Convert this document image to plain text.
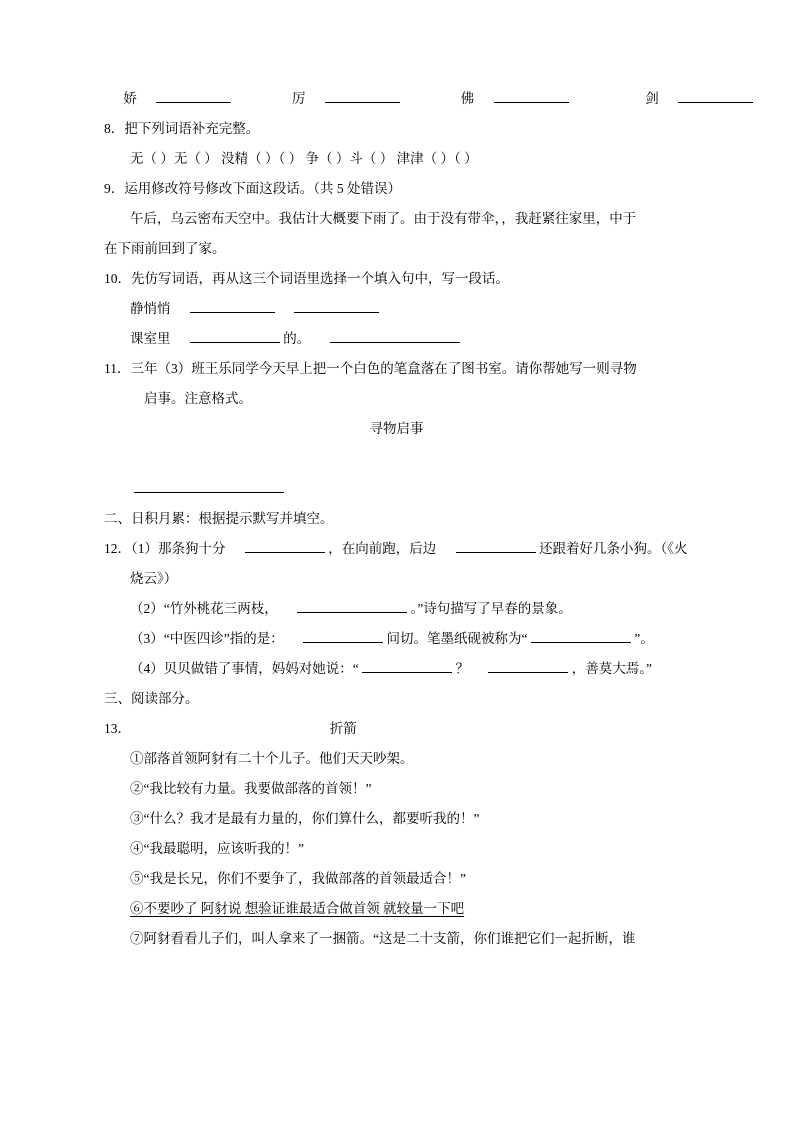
娇	厉	佛	剑
8．把下列词语补充完整。
无（ ）无（ ） 没精（ ）（ ） 争（ ）斗（ ） 津津（ ）（ ）
9．运用修改符号修改下面这段话。（共 5 处错误）
午后，乌云密布天空中。我估计大概要下雨了。由于没有带伞，，我赶紧往家里，中于
在下雨前回到了家。
10．先仿写词语，再从这三个词语里选择一个填入句中，写一段话。
静悄悄
课室里	的。
11．三年（3）班王乐同学今天早上把一个白色的笔盒落在了图书室。请你帮她写一则寻物
启事。注意格式。
寻物启事
二、日积月累：根据提示默写并填空。
12．（1）那条狗十分	，在向前跑，后边	还跟着好几条小狗。（《火
烧云》）
（2）“竹外桃花三两枝，	。”诗句描写了早春的景象。
（3）“中医四诊”指的是：	问切。笔墨纸砚被称为“	”。
（4）贝贝做错了事情，妈妈对她说：“	？	，善莫大焉。”
三、阅读部分。
13．	折箭
①部落首领阿豺有二十个儿子。他们天天吵架。
②“我比较有力量。我要做部落的首领！”
③“什么？我才是最有力量的，你们算什么，都要听我的！”
④“我最聪明，应该听我的！”
⑤“我是长兄，你们不要争了，我做部落的首领最适合！”
⑥不要吵了 阿豺说 想验证谁最适合做首领 就较量一下吧
⑦阿豺看看儿子们，叫人拿来了一捆箭。“这是二十支箭，你们谁把它们一起折断，谁
